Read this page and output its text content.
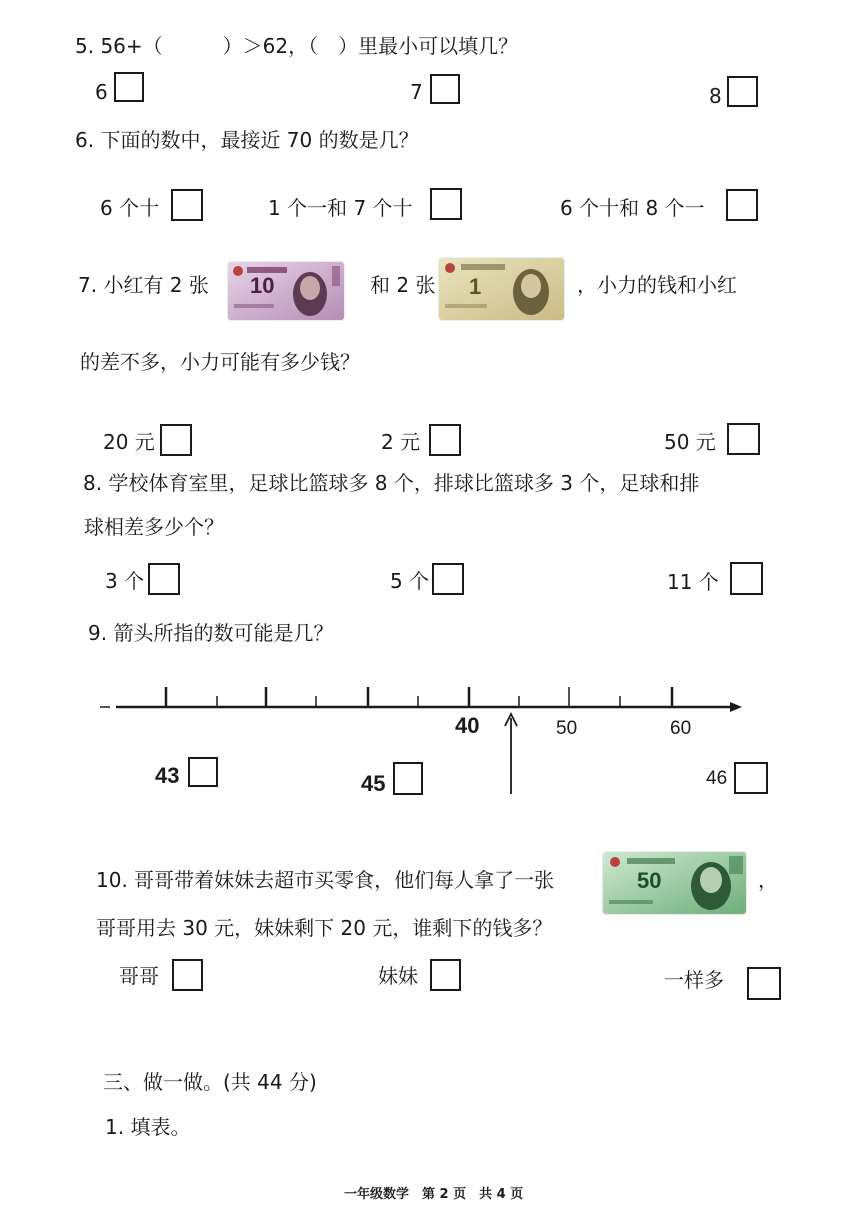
5. 56+（　　　）＞62，（　）里最小可以填几？
6	7	8
6. 下面的数中，最接近 70 的数是几？
6 个十	1 个一和 7 个十	6 个十和 8 个一
7. 小红有 2 张 10	和 2 张 1	，小力的钱和小红
的差不多，小力可能有多少钱？
20 元	2 元	50 元
8. 学校体育室里，足球比篮球多 8 个，排球比篮球多 3 个，足球和排
球相差多少个？
3 个	5 个	11 个
9. 箭头所指的数可能是几？
40	50	60
43	45	46
10. 哥哥带着妹妹去超市买零食，他们每人拿了一张	50	，
哥哥用去 30 元，妹妹剩下 20 元，谁剩下的钱多？
哥哥	妹妹	一样多
三、做一做。(共 44 分)
1. 填表。
一年级数学　第 2 页　共 4 页
